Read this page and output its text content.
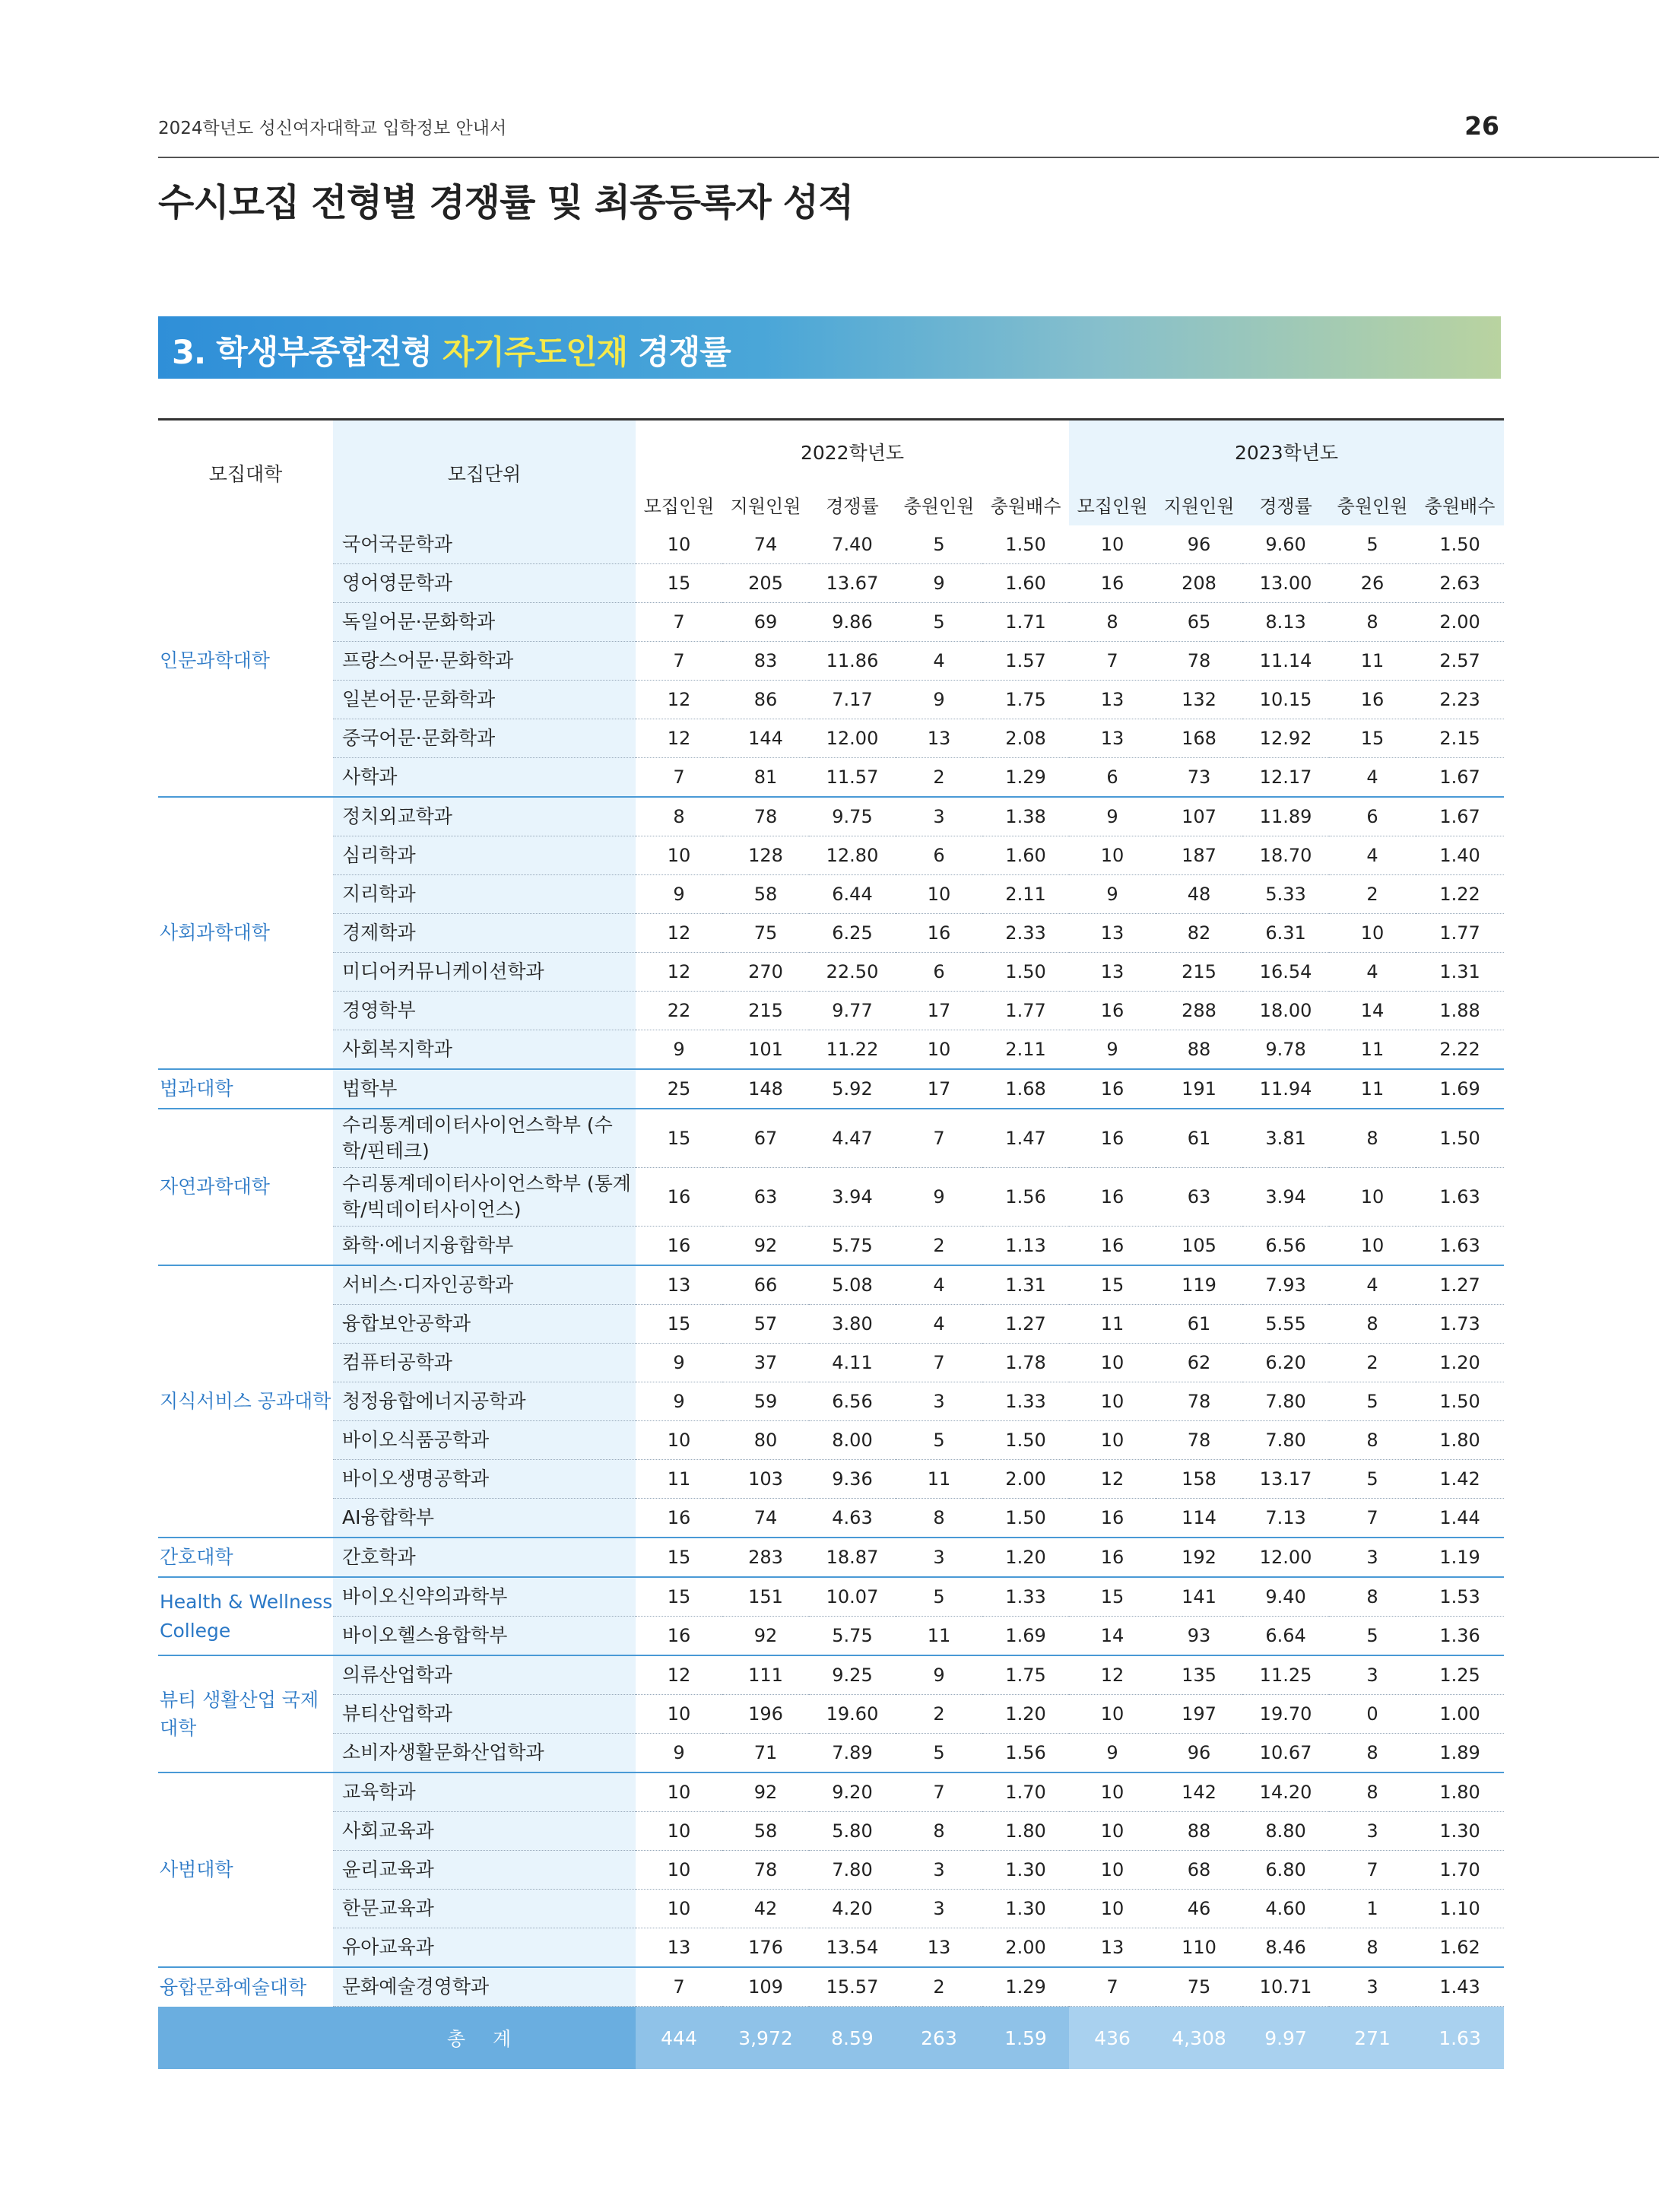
2024학년도 성신여자대학교 입학정보 안내서	26
수시모집 전형별 경쟁률 및 최종등록자 성적
3. 학생부종합전형 자기주도인재 경쟁률
모집대학	모집단위	2022학년도					2023학년도				
		모집인원	지원인원	경쟁률	충원인원	충원배수	모집인원	지원인원	경쟁률	충원인원	충원배수
인문과학대학	국어국문학과	10	74	7.40	5	1.50	10	96	9.60	5	1.50
	영어영문학과	15	205	13.67	9	1.60	16	208	13.00	26	2.63
	독일어문·문화학과	7	69	9.86	5	1.71	8	65	8.13	8	2.00
	프랑스어문·문화학과	7	83	11.86	4	1.57	7	78	11.14	11	2.57
	일본어문·문화학과	12	86	7.17	9	1.75	13	132	10.15	16	2.23
	중국어문·문화학과	12	144	12.00	13	2.08	13	168	12.92	15	2.15
	사학과	7	81	11.57	2	1.29	6	73	12.17	4	1.67
사회과학대학	정치외교학과	8	78	9.75	3	1.38	9	107	11.89	6	1.67
	심리학과	10	128	12.80	6	1.60	10	187	18.70	4	1.40
	지리학과	9	58	6.44	10	2.11	9	48	5.33	2	1.22
	경제학과	12	75	6.25	16	2.33	13	82	6.31	10	1.77
	미디어커뮤니케이션학과	12	270	22.50	6	1.50	13	215	16.54	4	1.31
	경영학부	22	215	9.77	17	1.77	16	288	18.00	14	1.88
	사회복지학과	9	101	11.22	10	2.11	9	88	9.78	11	2.22
법과대학	법학부	25	148	5.92	17	1.68	16	191	11.94	11	1.69
자연과학대학	수리통계데이터사이언스학부 (수학/핀테크)	15	67	4.47	7	1.47	16	61	3.81	8	1.50
	수리통계데이터사이언스학부 (통계학/빅데이터사이언스)	16	63	3.94	9	1.56	16	63	3.94	10	1.63
	화학·에너지융합학부	16	92	5.75	2	1.13	16	105	6.56	10	1.63
지식서비스 공과대학	서비스·디자인공학과	13	66	5.08	4	1.31	15	119	7.93	4	1.27
	융합보안공학과	15	57	3.80	4	1.27	11	61	5.55	8	1.73
	컴퓨터공학과	9	37	4.11	7	1.78	10	62	6.20	2	1.20
	청정융합에너지공학과	9	59	6.56	3	1.33	10	78	7.80	5	1.50
	바이오식품공학과	10	80	8.00	5	1.50	10	78	7.80	8	1.80
	바이오생명공학과	11	103	9.36	11	2.00	12	158	13.17	5	1.42
	AI융합학부	16	74	4.63	8	1.50	16	114	7.13	7	1.44
간호대학	간호학과	15	283	18.87	3	1.20	16	192	12.00	3	1.19
Health & Wellness College	바이오신약의과학부	15	151	10.07	5	1.33	15	141	9.40	8	1.53
	바이오헬스융합학부	16	92	5.75	11	1.69	14	93	6.64	5	1.36
뷰티 생활산업 국제대학	의류산업학과	12	111	9.25	9	1.75	12	135	11.25	3	1.25
	뷰티산업학과	10	196	19.60	2	1.20	10	197	19.70	0	1.00
	소비자생활문화산업학과	9	71	7.89	5	1.56	9	96	10.67	8	1.89
사범대학	교육학과	10	92	9.20	7	1.70	10	142	14.20	8	1.80
	사회교육과	10	58	5.80	8	1.80	10	88	8.80	3	1.30
	윤리교육과	10	78	7.80	3	1.30	10	68	6.80	7	1.70
	한문교육과	10	42	4.20	3	1.30	10	46	4.60	1	1.10
	유아교육과	13	176	13.54	13	2.00	13	110	8.46	8	1.62
융합문화예술대학	문화예술경영학과	7	109	15.57	2	1.29	7	75	10.71	3	1.43
	총 계	444	3,972	8.59	263	1.59	436	4,308	9.97	271	1.63
